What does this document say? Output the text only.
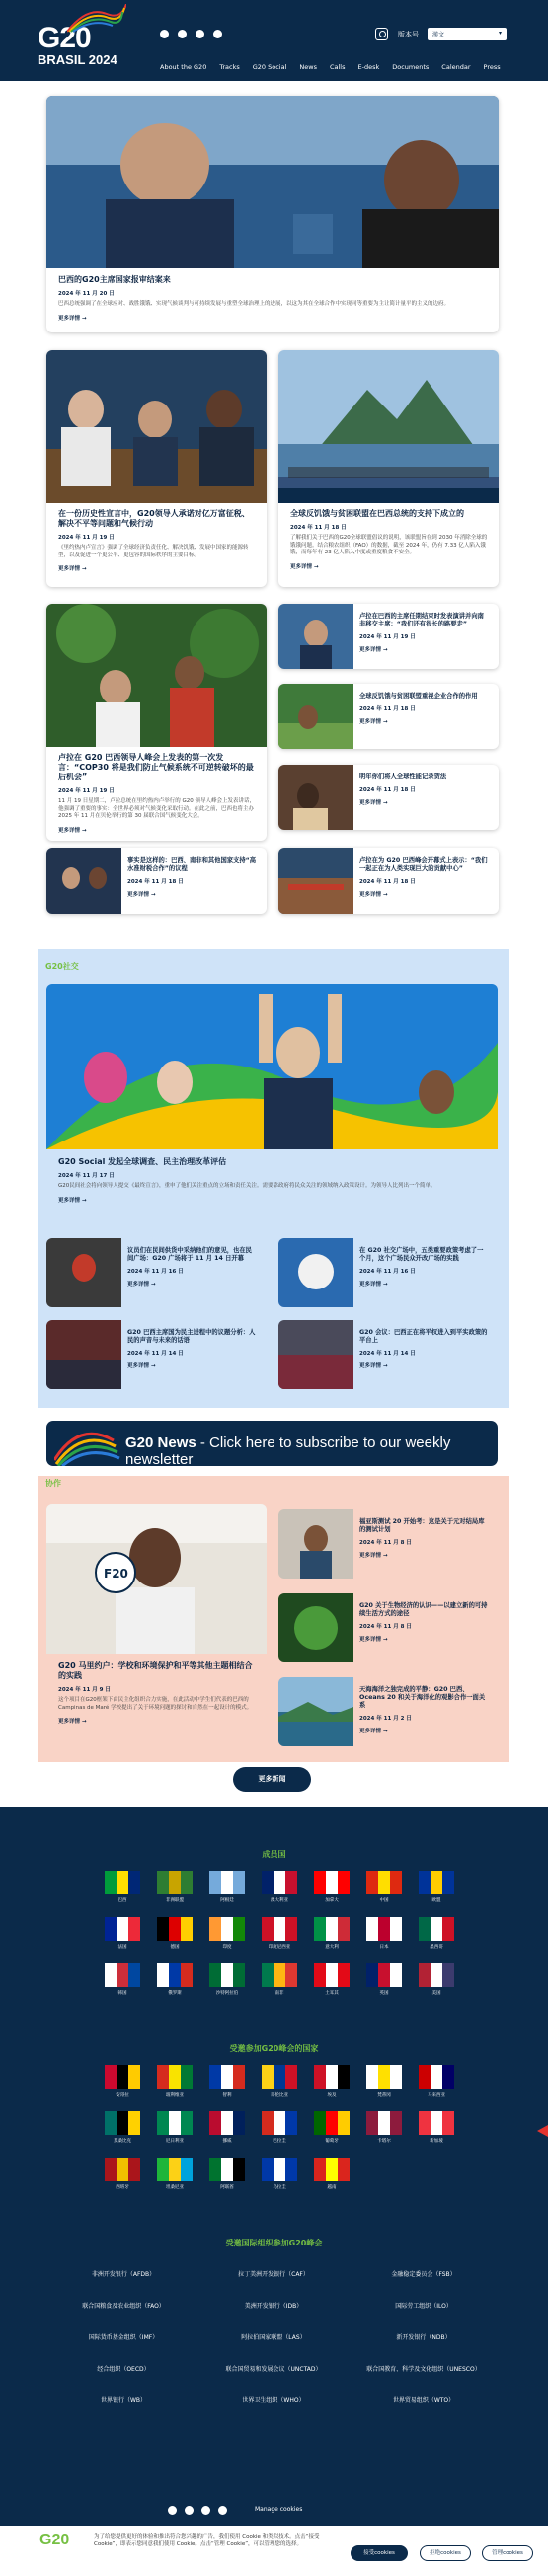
G20
BRASIL 2024
版本号	漢文	▾
About the G20 Tracks G20 Social News Calls E-desk Documents Calendar Press
巴西的G20主席国家报审结案来
2024 年 11 月 20 日
巴西总统强调了在全球应对、战胜饿饿、实现气候谈判与可持续发展与重塑全球治理上的进展，以这为其在全球合作中实现同等重要为主让简计量平的主义的边府。
更多详情 →
在一份历史性宣言中，G20领导人承诺对亿万富征税、解决不平等问题和气候行动
2024 年 11 月 19 日
《里约热内卢宣言》强调了全球经济负责任化、解决饥饿、发展中国家的能源转型，以及促进一个更公平、更包容的国际秩序的主要目标。
更多详情 →
全球反饥饿与贫困联盟在巴西总统的支持下成立的
2024 年 11 月 18 日
了解我们关于巴西的G20全球联盟倡议的说明，该联盟旨在到 2030 年消除全球的饿饿问题。结合粮农组织（FAO）的数据，截至 2024 年，仍有 7.33 亿人陷入饿饿，而每年有 23 亿人陷入中度或重度粮食不安全。
更多详情 →
卢拉在 G20 巴西领导人峰会上发表的第一次发言：“COP30 将是我们防止气候系统不可逆转破坏的最后机会”
2024 年 11 月 19 日
11 月 19 日星期二，卢拉总统在里约热内卢举行的 G20 领导人峰会上发表讲话，他强调了重要的事实：全世界必须对气候变化采取行动。在此之前，巴西也将主办 2025 年 11 月在贝伦举行的第 30 届联合国气候变化大会。
更多详情 →
卢拉在巴西的主席任期结束时发表演讲并向南非移交主席：“我们还有很长的路要走”
2024 年 11 月 19 日
更多详情 →
全球反饥饿与贫困联盟重视企业合作的作用
2024 年 11 月 18 日
更多详情 →
明年你们将人全球性能记录贺法
2024 年 11 月 18 日
更多详情 →
事实是这样的：巴西、南非和其他国家支持“高水准财税合作”的议程
2024 年 11 月 18 日
更多详情 →
卢拉在为 G20 巴西峰会开幕式上表示：“我们一起正在为人类实现巨大的贡献中心”
2024 年 11 月 18 日
更多详情 →
G20社交
G20 Social 发起全球调查、民主治理改革评估
2024 年 11 月 17 日
G20民间社会将向领导人提交《最终宣言》，重申了他们关注重点的立场和责任关注。需要靠政府将民众关注的领域纳入政策设计。为领导人比列出一个简单。
更多详情 →
议员们在民间供货中采纳他们的意见，也在民间广场：G20 广场将于 11 月 14 日开幕
2024 年 11 月 16 日
更多详情 →
在 G20 社交广场中，五类重要政策考虑了一个月，这个广场民众开改广场的实践
2024 年 11 月 16 日
更多详情 →
G20 巴西主席国为民主进程中的议题分析：人民的声音与未来的话语
2024 年 11 月 14 日
更多详情 →
G20 会议：巴西正在将平权进入到平实政策的平台上
2024 年 11 月 14 日
更多详情 →
G20 News - Click here to subscribe to our weekly newsletter
协作
F20
G20 马里约户：学校和环境保护和平等其他主题相结合的实践
2024 年 11 月 9 日
这个项目在G20框架下由民主化组织合力实施，在此活动中学生们代表的巴西的 Campinas de Maré 学校提出了关于环境问题的探讨和自然在一起设计的模式。
更多详情 →
福亚斯测试 20 开始考：这是关于元对结局库的测试计划
2024 年 11 月 8 日
更多详情 →
G20 关于生物经济的认识——以建立新的可持续生活方式的途径
2024 年 11 月 8 日
更多详情 →
天海海洋之独完成的平静：G20 巴西、Oceans 20 和关于海洋化的观影合作一面关系
2024 年 11 月 2 日
更多详情 →
更多新闻
成员国
巴西	非洲联盟	阿根廷	澳大利亚	加拿大	中国	欧盟
法国	德国	印度	印度尼西亚	意大利	日本	墨西哥
韩国	俄罗斯	沙特阿拉伯	南非	土耳其	英国	美国
受邀参加G20峰会的国家
安哥拉	玻利维亚	智利	哥伦比亚	埃及	梵蒂冈	马来西亚
莫桑比克	尼日利亚	挪威	巴拉圭	葡萄牙	卡塔尔	新加坡
西班牙	坦桑尼亚	阿联酋	乌拉圭	越南
受邀国际组织参加G20峰会
非洲开发银行（AFDB）	拉丁美洲开发银行（CAF）	金融稳定委员会（FSB）
联合国粮食及农业组织（FAO）	美洲开发银行（IDB）	国际劳工组织（ILO）
国际货币基金组织（IMF）	阿拉伯国家联盟（LAS）	新开发银行（NDB）
经合组织（OECD）	联合国贸易和发展会议（UNCTAD）	联合国教育、科学及文化组织（UNESCO）
世界银行（WB）	世界卫生组织（WHO）	世界贸易组织（WTO）
Manage cookies
G20	为了给您提供更好的体验和推出符合您兴趣的广告，我们使用 Cookie 和类似技术。点击“接受 Cookie”，即表示您同意我们使用 Cookie。点击“管理 Cookie”，可以管理您的选择。
接受cookies	拒绝cookies	管理cookies
